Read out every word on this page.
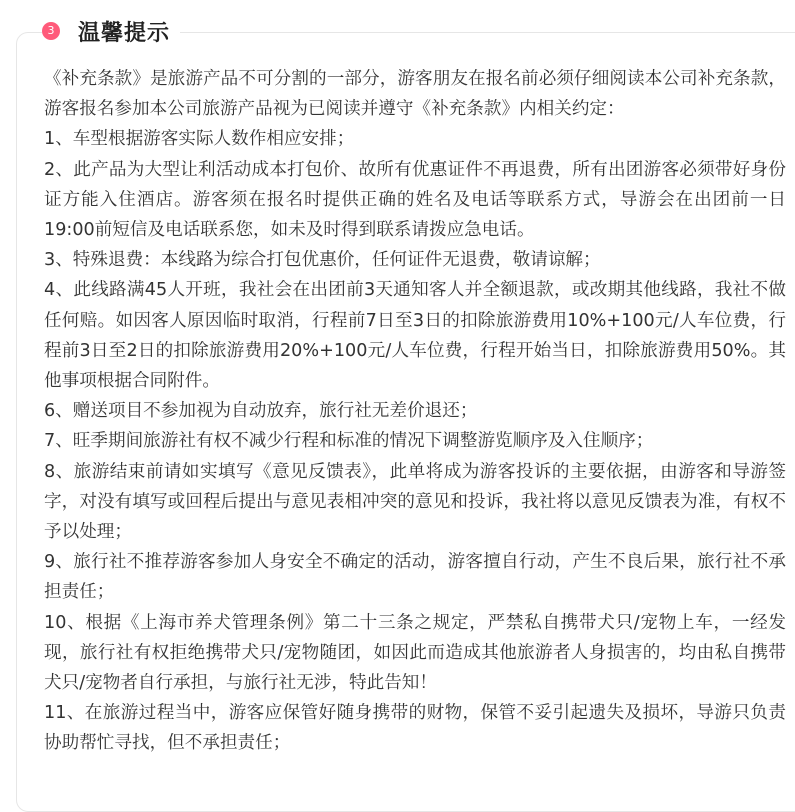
3 温馨提示

《补充条款》是旅游产品不可分割的一部分，游客朋友在报名前必须仔细阅读本公司补充条款，游客报名参加本公司旅游产品视为已阅读并遵守《补充条款》内相关约定：

1、车型根据游客实际人数作相应安排；

2、此产品为大型让利活动成本打包价、故所有优惠证件不再退费，所有出团游客必须带好身份证方能入住酒店。游客须在报名时提供正确的姓名及电话等联系方式，导游会在出团前一日19:00前短信及电话联系您，如未及时得到联系请拨应急电话。

3、特殊退费：本线路为综合打包优惠价，任何证件无退费，敬请谅解；

4、此线路满45人开班，我社会在出团前3天通知客人并全额退款，或改期其他线路，我社不做任何赔。如因客人原因临时取消，行程前7日至3日的扣除旅游费用10%+100元/人车位费，行程前3日至2日的扣除旅游费用20%+100元/人车位费，行程开始当日，扣除旅游费用50%。其他事项根据合同附件。

6、赠送项目不参加视为自动放弃，旅行社无差价退还；

7、旺季期间旅游社有权不减少行程和标准的情况下调整游览顺序及入住顺序；

8、旅游结束前请如实填写《意见反馈表》，此单将成为游客投诉的主要依据，由游客和导游签字，对没有填写或回程后提出与意见表相冲突的意见和投诉，我社将以意见反馈表为准，有权不予以处理；

9、旅行社不推荐游客参加人身安全不确定的活动，游客擅自行动，产生不良后果，旅行社不承担责任；

10、根据《上海市养犬管理条例》第二十三条之规定，严禁私自携带犬只/宠物上车，一经发现，旅行社有权拒绝携带犬只/宠物随团，如因此而造成其他旅游者人身损害的，均由私自携带犬只/宠物者自行承担，与旅行社无涉，特此告知！

11、在旅游过程当中，游客应保管好随身携带的财物，保管不妥引起遗失及损坏，导游只负责协助帮忙寻找，但不承担责任；
